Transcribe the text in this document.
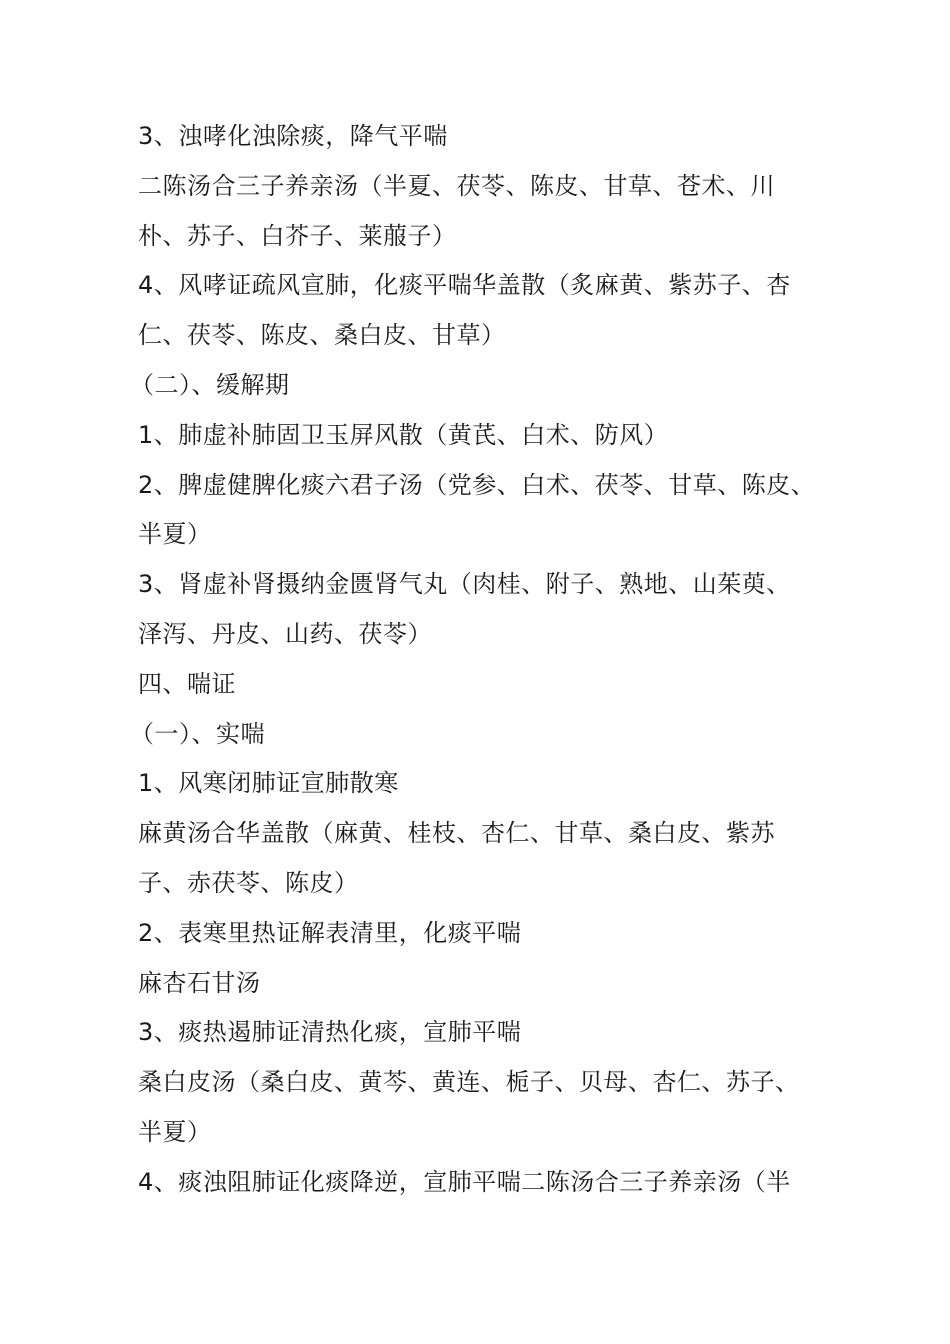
3、浊哮化浊除痰，降气平喘
二陈汤合三子养亲汤（半夏、茯苓、陈皮、甘草、苍术、川
朴、苏子、白芥子、莱菔子）
4、风哮证疏风宣肺，化痰平喘华盖散（炙麻黄、紫苏子、杏
仁、茯苓、陈皮、桑白皮、甘草）
（二）、缓解期
1、肺虚补肺固卫玉屏风散（黄芪、白术、防风）
2、脾虚健脾化痰六君子汤（党参、白术、茯苓、甘草、陈皮、
半夏）
3、肾虚补肾摄纳金匮肾气丸（肉桂、附子、熟地、山茱萸、
泽泻、丹皮、山药、茯苓）
四、喘证
（一）、实喘
1、风寒闭肺证宣肺散寒
麻黄汤合华盖散（麻黄、桂枝、杏仁、甘草、桑白皮、紫苏
子、赤茯苓、陈皮）
2、表寒里热证解表清里，化痰平喘
麻杏石甘汤
3、痰热遏肺证清热化痰，宣肺平喘
桑白皮汤（桑白皮、黄芩、黄连、栀子、贝母、杏仁、苏子、
半夏）
4、痰浊阻肺证化痰降逆，宣肺平喘二陈汤合三子养亲汤（半
